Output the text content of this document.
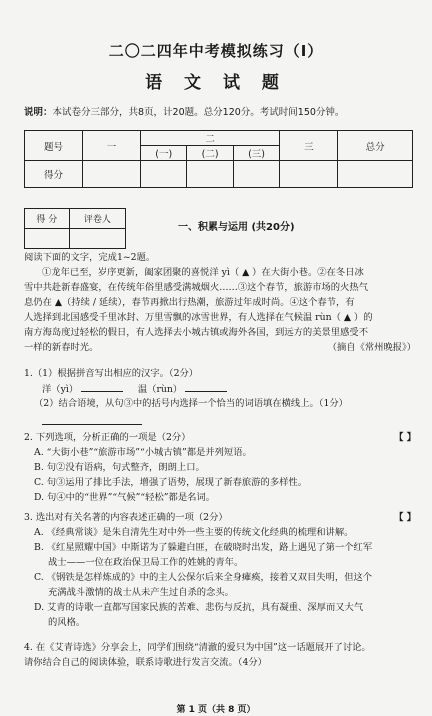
二〇二四年中考模拟练习（Ⅰ）
语 文 试 题
说明：本试卷分三部分，共8页，计20题。总分120分。考试时间150分钟。
题号	一	二			三	总分
		(一)	(二)	(三)		
得分						
得 分	评卷人

一、积累与运用 (共20分)
阅读下面的文字，完成1~2题。
①龙年已至，岁序更新，阖家团聚的喜悦洋 yì（ ▲ ）在大街小巷。②在冬日冰
雪中共赴新春盛宴，在传统年俗里感受满城烟火……③这个春节，旅游市场的火热气
息仍在 ▲（持续 / 延续），春节再掀出行热潮，旅游过年成时尚。④这个春节，有
人选择到北国感受千里冰封、万里雪飘的冰雪世界，有人选择在气候温 rùn（ ▲ ）的
南方海岛度过轻松的假日，有人选择去小城古镇或海外各国，到远方的美景里感受不
一样的新春时光。	（摘自《常州晚报》）
1.（1）根据拼音写出相应的汉字。（2分）
洋（yì）	温（rùn）
（2）结合语境，从句③中的括号内选择一个恰当的词语填在横线上。（1分）
2. 下列选项，分析正确的一项是（2分）	【 】
A. “大街小巷”“旅游市场”“小城古镇”都是并列短语。
B. 句②没有语病，句式整齐，朗朗上口。
C. 句③运用了排比手法，增强了语势，展现了新春旅游的多样性。
D. 句④中的“世界”“气候”“轻松”都是名词。
3. 选出对有关名著的内容表述正确的一项（2分）	【 】
A. 《经典常谈》是朱自清先生对中外一些主要的传统文化经典的梳理和讲解。
B. 《红星照耀中国》中斯诺为了躲避白匪，在破晓时出发，路上遇见了第一个红军
战士——一位在政治保卫局工作的姓姚的青年。
C. 《钢铁是怎样炼成的》中的主人公保尔后来全身瘫痪，接着又双目失明，但这个
充满战斗激情的战士从未产生过自杀的念头。
D. 艾青的诗歌一直都写国家民族的苦难、悲伤与反抗，具有凝重、深厚而又大气
的风格。
4. 在《艾青诗选》分享会上，同学们围绕“清澈的爱只为中国”这一话题展开了讨论。
请你结合自己的阅读体验，联系诗歌进行发言交流。（4分）
第 1 页（共 8 页）
